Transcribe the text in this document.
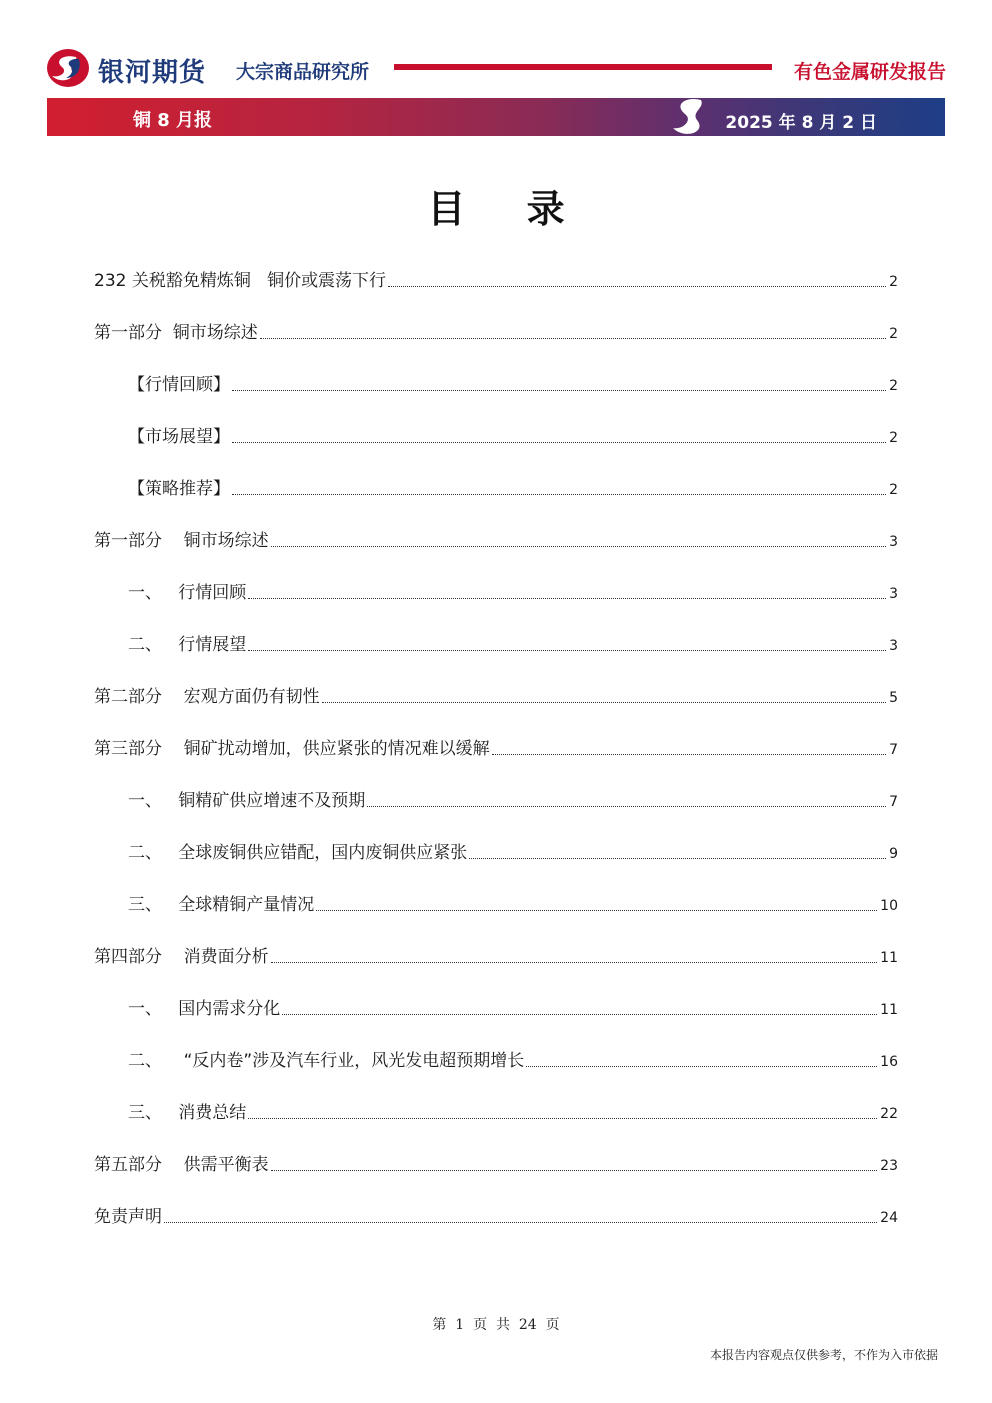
银河期货 大宗商品研究所	有色金属研发报告
铜 8 月报	2025 年 8 月 2 日
目 录
232 关税豁免精炼铜   铜价或震荡下行	2
第一部分  铜市场综述	2
【行情回顾】	2
【市场展望】	2
【策略推荐】	2
第一部分    铜市场综述	3
一、   行情回顾	3
二、   行情展望	3
第二部分    宏观方面仍有韧性	5
第三部分    铜矿扰动增加，供应紧张的情况难以缓解	7
一、   铜精矿供应增速不及预期	7
二、   全球废铜供应错配，国内废铜供应紧张	9
三、   全球精铜产量情况	10
第四部分    消费面分析	11
一、   国内需求分化	11
二、    “反内卷”涉及汽车行业，风光发电超预期增长	16
三、   消费总结	22
第五部分    供需平衡表	23
免责声明	24
第  1  页  共  24  页
本报告内容观点仅供参考，不作为入市依据
